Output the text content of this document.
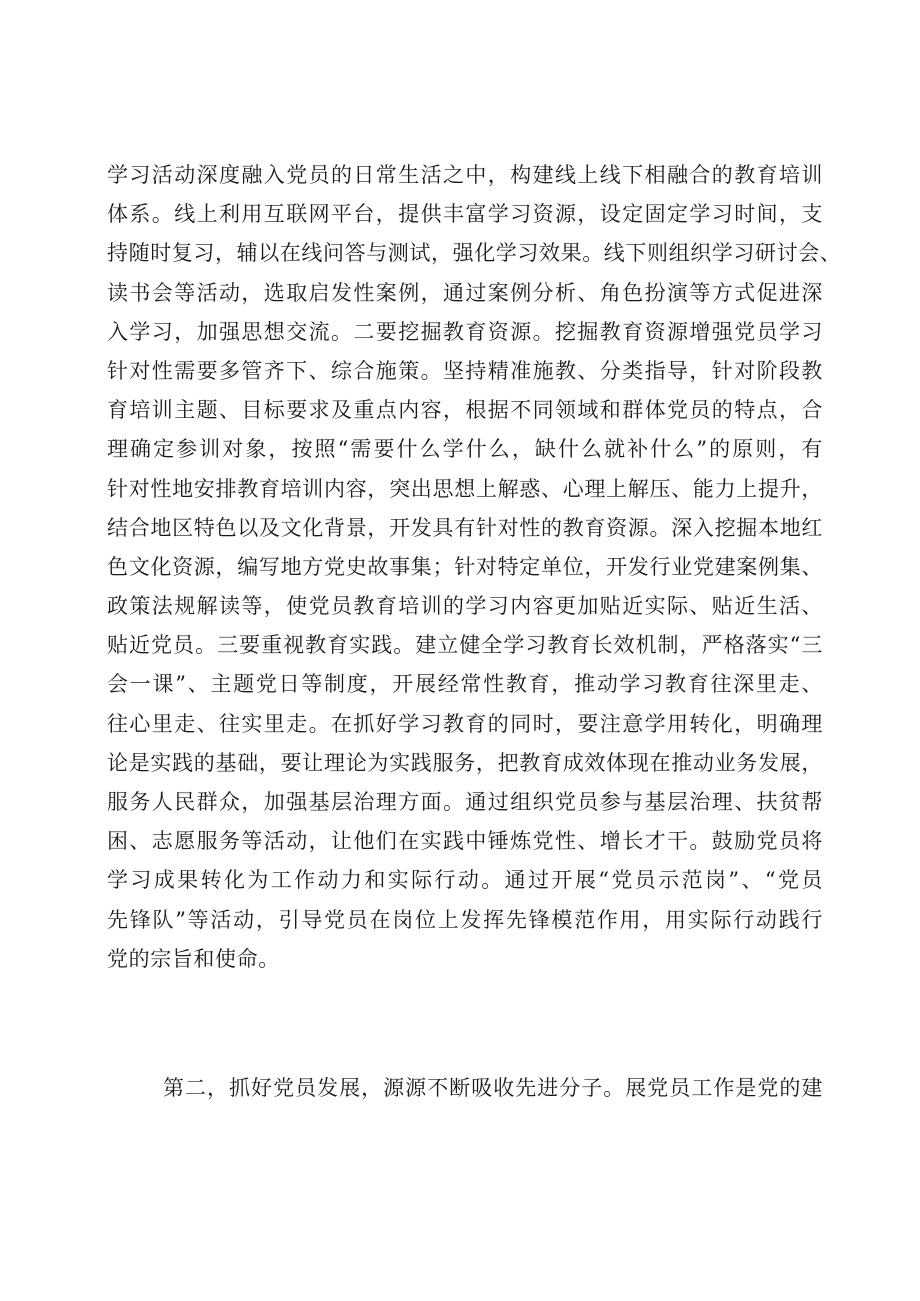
学习活动深度融入党员的日常生活之中，构建线上线下相融合的教育培训
体系。线上利用互联网平台，提供丰富学习资源，设定固定学习时间，支
持随时复习，辅以在线问答与测试，强化学习效果。线下则组织学习研讨会、
读书会等活动，选取启发性案例，通过案例分析、角色扮演等方式促进深
入学习，加强思想交流。二要挖掘教育资源。挖掘教育资源增强党员学习
针对性需要多管齐下、综合施策。坚持精准施教、分类指导，针对阶段教
育培训主题、目标要求及重点内容，根据不同领域和群体党员的特点，合
理确定参训对象，按照“需要什么学什么，缺什么就补什么”的原则，有
针对性地安排教育培训内容，突出思想上解惑、心理上解压、能力上提升，
结合地区特色以及文化背景，开发具有针对性的教育资源。深入挖掘本地红
色文化资源，编写地方党史故事集；针对特定单位，开发行业党建案例集、
政策法规解读等，使党员教育培训的学习内容更加贴近实际、贴近生活、
贴近党员。三要重视教育实践。建立健全学习教育长效机制，严格落实“三
会一课”、主题党日等制度，开展经常性教育，推动学习教育往深里走、
往心里走、往实里走。在抓好学习教育的同时，要注意学用转化，明确理
论是实践的基础，要让理论为实践服务，把教育成效体现在推动业务发展，
服务人民群众，加强基层治理方面。通过组织党员参与基层治理、扶贫帮
困、志愿服务等活动，让他们在实践中锤炼党性、增长才干。鼓励党员将
学习成果转化为工作动力和实际行动。通过开展“党员示范岗”、“党员
先锋队”等活动，引导党员在岗位上发挥先锋模范作用，用实际行动践行
党的宗旨和使命。
第二，抓好党员发展，源源不断吸收先进分子。展党员工作是党的建
